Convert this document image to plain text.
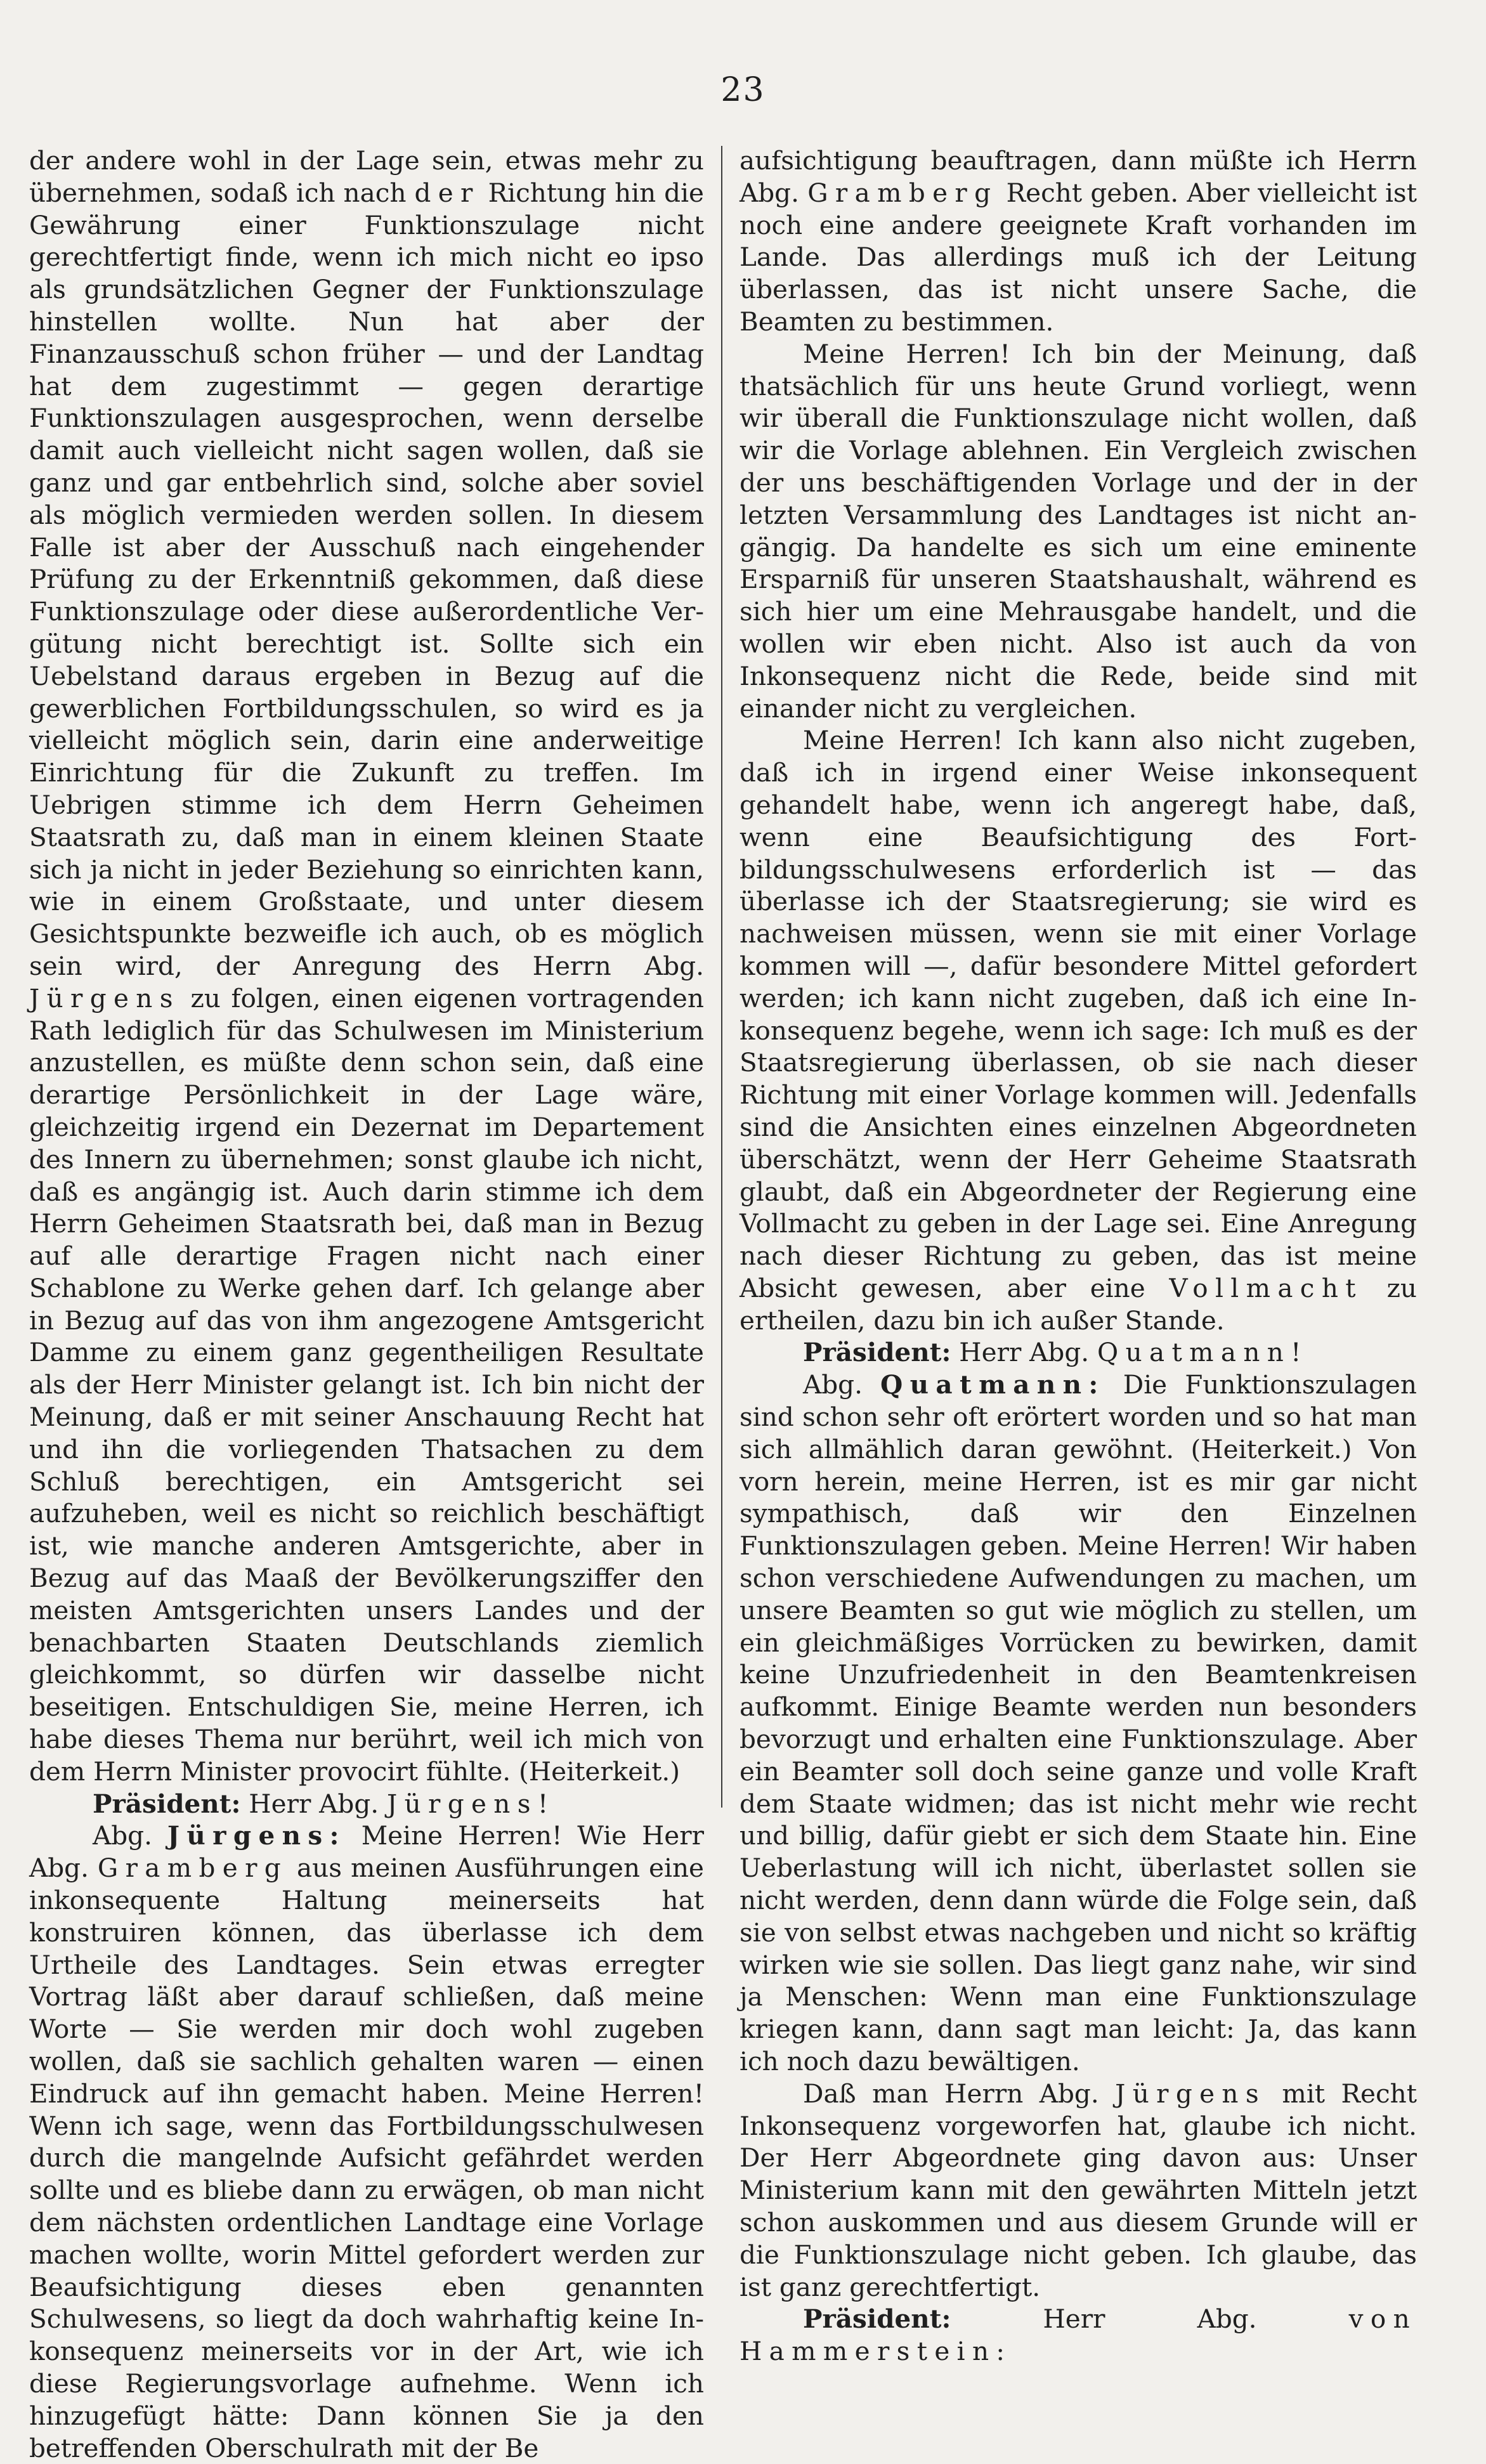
23

der andere wohl in der Lage sein, etwas mehr zu übernehmen, sodaß ich nach der Richtung hin die Gewährung einer Funktionszulage nicht gerechtfertigt finde, wenn ich mich nicht eo ipso als grundsätzlichen Gegner der Funktionszulage hinstellen wollte. Nun hat aber der Finanzausschuß schon früher — und der Landtag hat dem zugestimmt — gegen derartige Funktionszulagen ausgesprochen, wenn derselbe damit auch vielleicht nicht sagen wollen, daß sie ganz und gar entbehrlich sind, solche aber soviel als möglich vermieden werden sollen. In diesem Falle ist aber der Ausschuß nach eingehender Prüfung zu der Erkenntniß gekommen, daß diese Funktionszulage oder diese außerordentliche Vergütung nicht berechtigt ist. Sollte sich ein Uebelstand daraus ergeben in Bezug auf die gewerblichen Fortbildungsschulen, so wird es ja vielleicht möglich sein, darin eine anderweitige Einrichtung für die Zukunft zu treffen. Im Uebrigen stimme ich dem Herrn Geheimen Staatsrath zu, daß man in einem kleinen Staate sich ja nicht in jeder Beziehung so einrichten kann, wie in einem Großstaate, und unter diesem Gesichtspunkte bezweifle ich auch, ob es möglich sein wird, der Anregung des Herrn Abg. Jürgens zu folgen, einen eigenen vortragenden Rath lediglich für das Schulwesen im Ministerium anzustellen, es müßte denn schon sein, daß eine derartige Persönlichkeit in der Lage wäre, gleichzeitig irgend ein Dezernat im Departement des Innern zu übernehmen; sonst glaube ich nicht, daß es angängig ist. Auch darin stimme ich dem Herrn Geheimen Staatsrath bei, daß man in Bezug auf alle derartige Fragen nicht nach einer Schablone zu Werke gehen darf. Ich gelange aber in Bezug auf das von ihm angezogene Amtsgericht Damme zu einem ganz gegentheiligen Resultate als der Herr Minister gelangt ist. Ich bin nicht der Meinung, daß er mit seiner Anschauung Recht hat und ihn die vorliegenden Thatsachen zu dem Schluß berechtigen, ein Amtsgericht sei aufzuheben, weil es nicht so reichlich beschäftigt ist, wie manche anderen Amtsgerichte, aber in Bezug auf das Maaß der Bevölkerungsziffer den meisten Amtsgerichten unsers Landes und der benachbarten Staaten Deutschlands ziemlich gleichkommt, so dürfen wir dasselbe nicht beseitigen. Entschuldigen Sie, meine Herren, ich habe dieses Thema nur berührt, weil ich mich von dem Herrn Minister provocirt fühlte. (Heiterkeit.)

Präsident: Herr Abg. Jürgens!

Abg. Jürgens: Meine Herren! Wie Herr Abg. Gramberg aus meinen Ausführungen eine inkonsequente Haltung meinerseits hat konstruiren können, das überlasse ich dem Urtheile des Landtages. Sein etwas erregter Vortrag läßt aber darauf schließen, daß meine Worte — Sie werden mir doch wohl zugeben wollen, daß sie sachlich gehalten waren — einen Eindruck auf ihn gemacht haben. Meine Herren! Wenn ich sage, wenn das Fortbildungsschulwesen durch die mangelnde Aufsicht gefährdet werden sollte und es bliebe dann zu erwägen, ob man nicht dem nächsten ordentlichen Landtage eine Vorlage machen wollte, worin Mittel gefordert werden zur Beaufsichtigung dieses eben genannten Schulwesens, so liegt da doch wahrhaftig keine Inkonsequenz meinerseits vor in der Art, wie ich diese Regierungsvorlage aufnehme. Wenn ich hinzugefügt hätte: Dann können Sie ja den betreffenden Oberschulrath mit der Be

aufsichtigung beauftragen, dann müßte ich Herrn Abg. Gramberg Recht geben. Aber vielleicht ist noch eine andere geeignete Kraft vorhanden im Lande. Das allerdings muß ich der Leitung überlassen, das ist nicht unsere Sache, die Beamten zu bestimmen.

Meine Herren! Ich bin der Meinung, daß thatsächlich für uns heute Grund vorliegt, wenn wir überall die Funktionszulage nicht wollen, daß wir die Vorlage ablehnen. Ein Vergleich zwischen der uns beschäftigenden Vorlage und der in der letzten Versammlung des Landtages ist nicht angängig. Da handelte es sich um eine eminente Ersparniß für unseren Staatshaushalt, während es sich hier um eine Mehrausgabe handelt, und die wollen wir eben nicht. Also ist auch da von Inkonsequenz nicht die Rede, beide sind mit einander nicht zu vergleichen.

Meine Herren! Ich kann also nicht zugeben, daß ich in irgend einer Weise inkonsequent gehandelt habe, wenn ich angeregt habe, daß, wenn eine Beaufsichtigung des Fortbildungsschulwesens erforderlich ist — das überlasse ich der Staatsregierung; sie wird es nachweisen müssen, wenn sie mit einer Vorlage kommen will —, dafür besondere Mittel gefordert werden; ich kann nicht zugeben, daß ich eine Inkonsequenz begehe, wenn ich sage: Ich muß es der Staatsregierung überlassen, ob sie nach dieser Richtung mit einer Vorlage kommen will. Jedenfalls sind die Ansichten eines einzelnen Abgeordneten überschätzt, wenn der Herr Geheime Staatsrath glaubt, daß ein Abgeordneter der Regierung eine Vollmacht zu geben in der Lage sei. Eine Anregung nach dieser Richtung zu geben, das ist meine Absicht gewesen, aber eine Vollmacht zu ertheilen, dazu bin ich außer Stande.

Präsident: Herr Abg. Quatmann!

Abg. Quatmann: Die Funktionszulagen sind schon sehr oft erörtert worden und so hat man sich allmählich daran gewöhnt. (Heiterkeit.) Von vorn herein, meine Herren, ist es mir gar nicht sympathisch, daß wir den Einzelnen Funktionszulagen geben. Meine Herren! Wir haben schon verschiedene Aufwendungen zu machen, um unsere Beamten so gut wie möglich zu stellen, um ein gleichmäßiges Vorrücken zu bewirken, damit keine Unzufriedenheit in den Beamtenkreisen aufkommt. Einige Beamte werden nun besonders bevorzugt und erhalten eine Funktionszulage. Aber ein Beamter soll doch seine ganze und volle Kraft dem Staate widmen; das ist nicht mehr wie recht und billig, dafür giebt er sich dem Staate hin. Eine Ueberlastung will ich nicht, überlastet sollen sie nicht werden, denn dann würde die Folge sein, daß sie von selbst etwas nachgeben und nicht so kräftig wirken wie sie sollen. Das liegt ganz nahe, wir sind ja Menschen: Wenn man eine Funktionszulage kriegen kann, dann sagt man leicht: Ja, das kann ich noch dazu bewältigen.

Daß man Herrn Abg. Jürgens mit Recht Inkonsequenz vorgeworfen hat, glaube ich nicht. Der Herr Abgeordnete ging davon aus: Unser Ministerium kann mit den gewährten Mitteln jetzt schon auskommen und aus diesem Grunde will er die Funktionszulage nicht geben. Ich glaube, das ist ganz gerechtfertigt.

Präsident: Herr Abg. von Hammerstein:
